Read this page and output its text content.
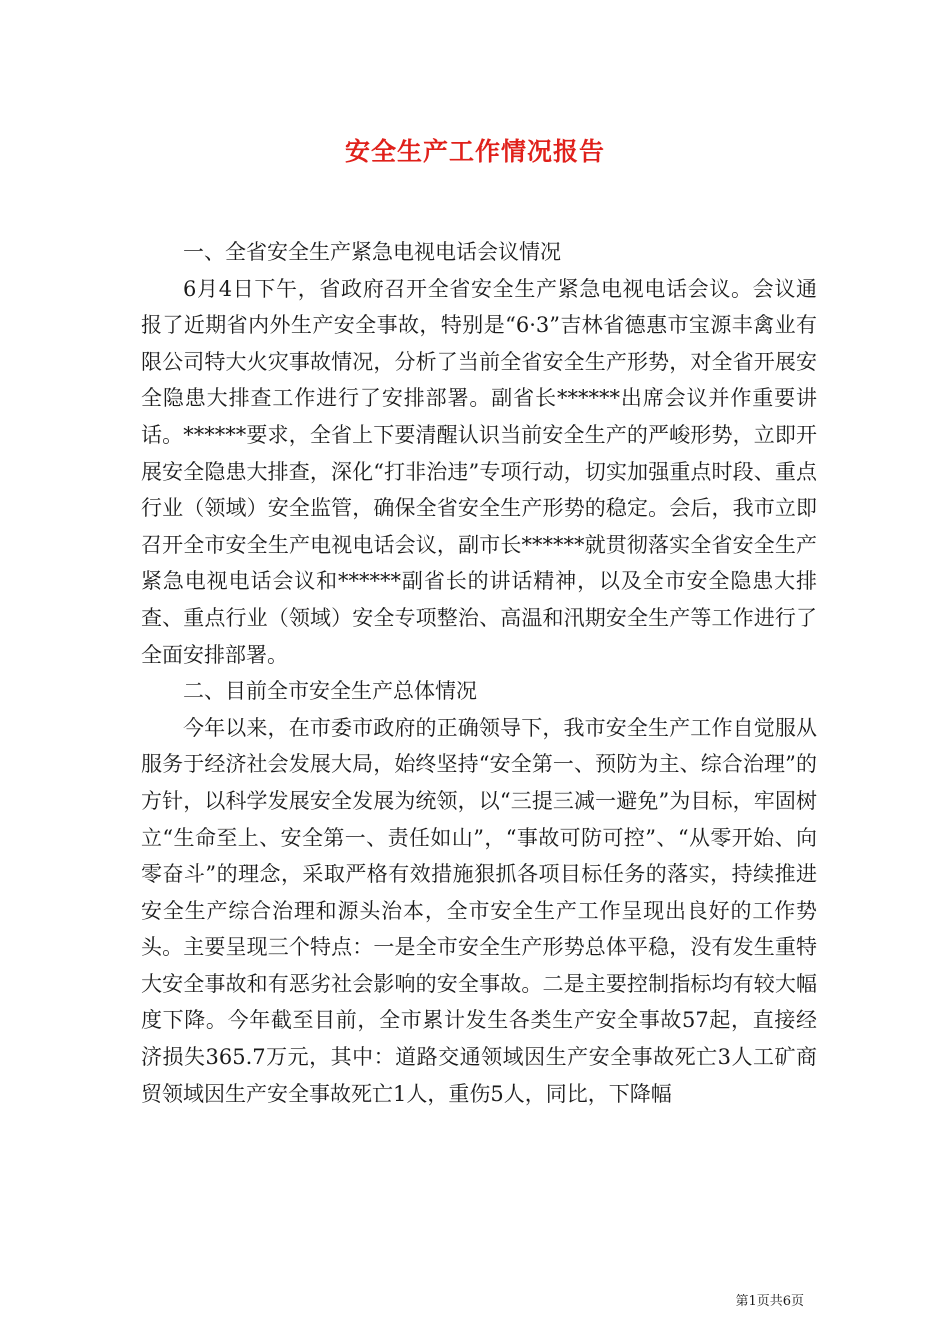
安全生产工作情况报告

一、全省安全生产紧急电视电话会议情况

6月4日下午，省政府召开全省安全生产紧急电视电话会议。会议通报了近期省内外生产安全事故，特别是“6·3”吉林省德惠市宝源丰禽业有限公司特大火灾事故情况，分析了当前全省安全生产形势，对全省开展安全隐患大排查工作进行了安排部署。副省长******出席会议并作重要讲话。******要求，全省上下要清醒认识当前安全生产的严峻形势，立即开展安全隐患大排查，深化“打非治违”专项行动，切实加强重点时段、重点行业（领域）安全监管，确保全省安全生产形势的稳定。会后，我市立即召开全市安全生产电视电话会议，副市长******就贯彻落实全省安全生产紧急电视电话会议和******副省长的讲话精神，以及全市安全隐患大排查、重点行业（领域）安全专项整治、高温和汛期安全生产等工作进行了全面安排部署。

二、目前全市安全生产总体情况

今年以来，在市委市政府的正确领导下，我市安全生产工作自觉服从服务于经济社会发展大局，始终坚持“安全第一、预防为主、综合治理”的方针，以科学发展安全发展为统领，以“三提三减一避免”为目标，牢固树立“生命至上、安全第一、责任如山”，“事故可防可控”、“从零开始、向零奋斗”的理念，采取严格有效措施狠抓各项目标任务的落实，持续推进安全生产综合治理和源头治本，全市安全生产工作呈现出良好的工作势头。主要呈现三个特点：一是全市安全生产形势总体平稳，没有发生重特大安全事故和有恶劣社会影响的安全事故。二是主要控制指标均有较大幅度下降。今年截至目前，全市累计发生各类生产安全事故57起，直接经济损失365.7万元，其中：道路交通领域因生产安全事故死亡3人工矿商贸领域因生产安全事故死亡1人，重伤5人，同比，下降幅

第1页共6页
